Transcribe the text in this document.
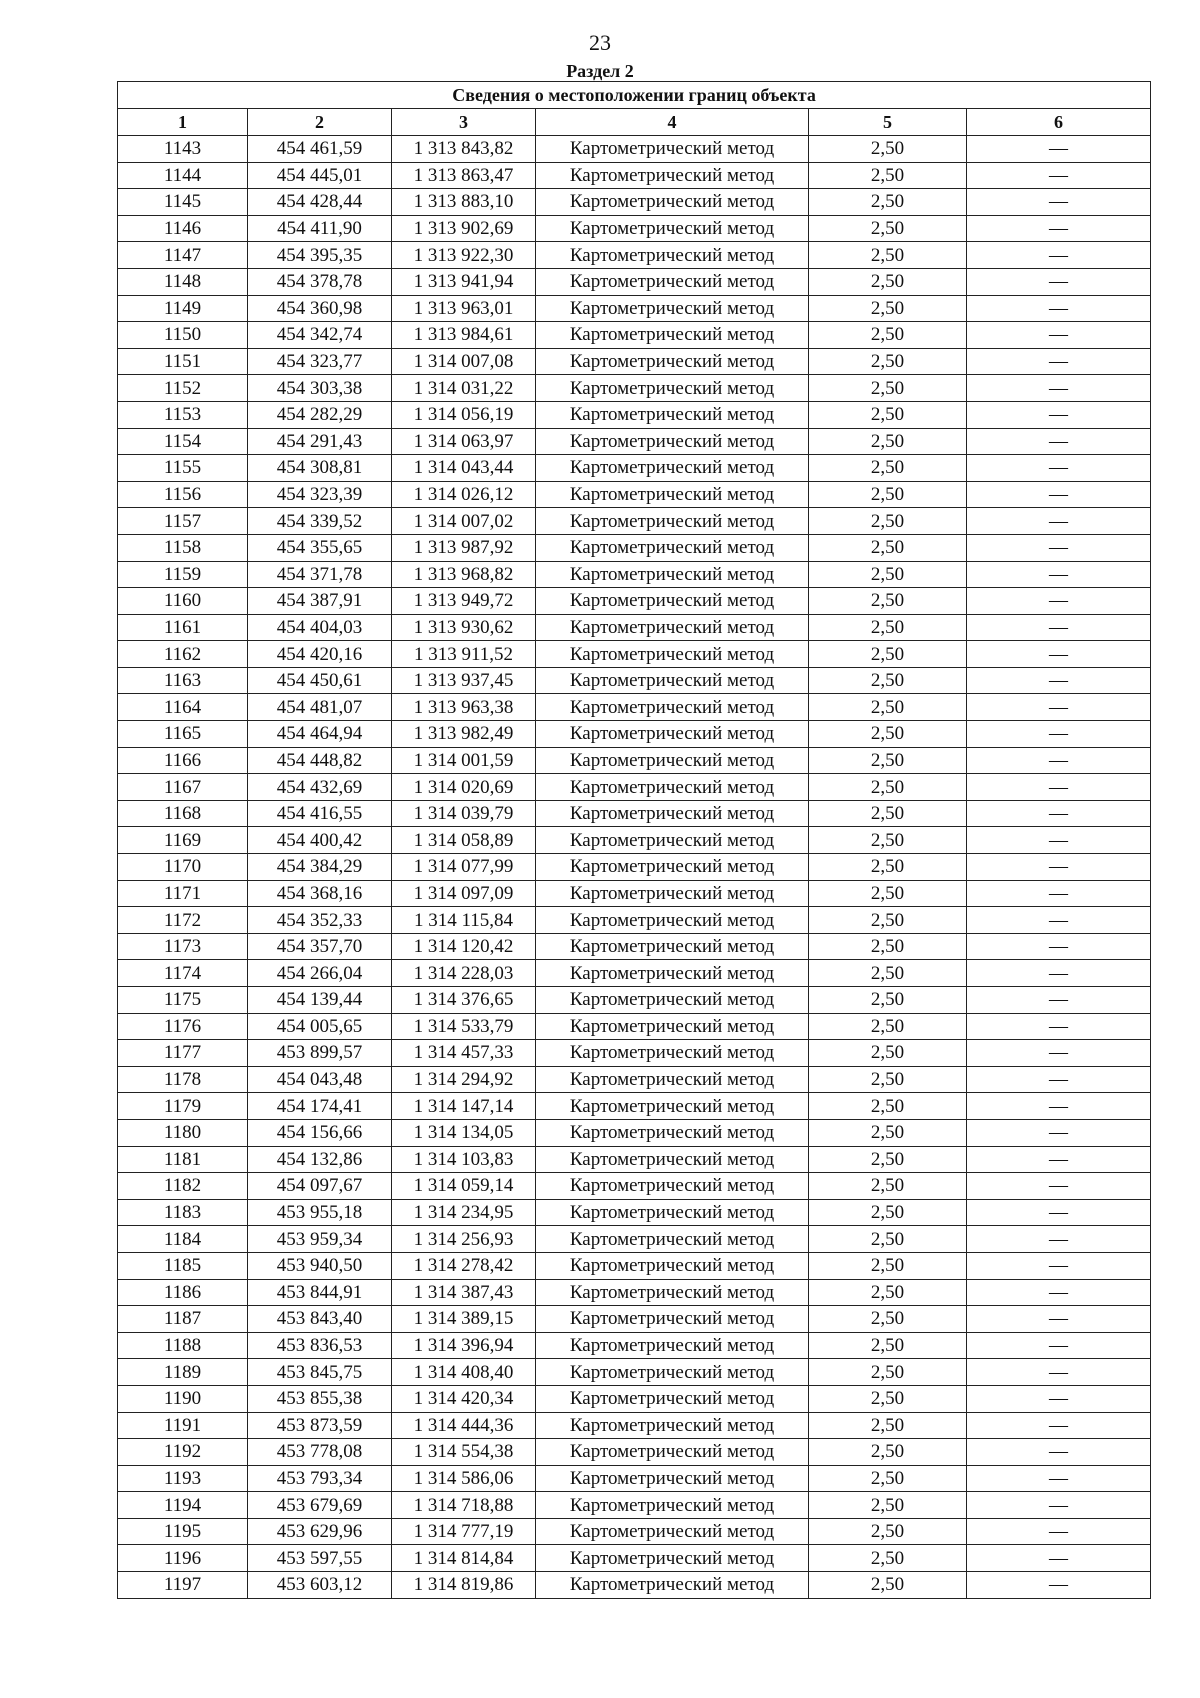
23
Раздел 2
Сведения о местоположении границ объекта					
1	2	3	4	5	6
1143	454 461,59	1 313 843,82	Картометрический метод	2,50	—
1144	454 445,01	1 313 863,47	Картометрический метод	2,50	—
1145	454 428,44	1 313 883,10	Картометрический метод	2,50	—
1146	454 411,90	1 313 902,69	Картометрический метод	2,50	—
1147	454 395,35	1 313 922,30	Картометрический метод	2,50	—
1148	454 378,78	1 313 941,94	Картометрический метод	2,50	—
1149	454 360,98	1 313 963,01	Картометрический метод	2,50	—
1150	454 342,74	1 313 984,61	Картометрический метод	2,50	—
1151	454 323,77	1 314 007,08	Картометрический метод	2,50	—
1152	454 303,38	1 314 031,22	Картометрический метод	2,50	—
1153	454 282,29	1 314 056,19	Картометрический метод	2,50	—
1154	454 291,43	1 314 063,97	Картометрический метод	2,50	—
1155	454 308,81	1 314 043,44	Картометрический метод	2,50	—
1156	454 323,39	1 314 026,12	Картометрический метод	2,50	—
1157	454 339,52	1 314 007,02	Картометрический метод	2,50	—
1158	454 355,65	1 313 987,92	Картометрический метод	2,50	—
1159	454 371,78	1 313 968,82	Картометрический метод	2,50	—
1160	454 387,91	1 313 949,72	Картометрический метод	2,50	—
1161	454 404,03	1 313 930,62	Картометрический метод	2,50	—
1162	454 420,16	1 313 911,52	Картометрический метод	2,50	—
1163	454 450,61	1 313 937,45	Картометрический метод	2,50	—
1164	454 481,07	1 313 963,38	Картометрический метод	2,50	—
1165	454 464,94	1 313 982,49	Картометрический метод	2,50	—
1166	454 448,82	1 314 001,59	Картометрический метод	2,50	—
1167	454 432,69	1 314 020,69	Картометрический метод	2,50	—
1168	454 416,55	1 314 039,79	Картометрический метод	2,50	—
1169	454 400,42	1 314 058,89	Картометрический метод	2,50	—
1170	454 384,29	1 314 077,99	Картометрический метод	2,50	—
1171	454 368,16	1 314 097,09	Картометрический метод	2,50	—
1172	454 352,33	1 314 115,84	Картометрический метод	2,50	—
1173	454 357,70	1 314 120,42	Картометрический метод	2,50	—
1174	454 266,04	1 314 228,03	Картометрический метод	2,50	—
1175	454 139,44	1 314 376,65	Картометрический метод	2,50	—
1176	454 005,65	1 314 533,79	Картометрический метод	2,50	—
1177	453 899,57	1 314 457,33	Картометрический метод	2,50	—
1178	454 043,48	1 314 294,92	Картометрический метод	2,50	—
1179	454 174,41	1 314 147,14	Картометрический метод	2,50	—
1180	454 156,66	1 314 134,05	Картометрический метод	2,50	—
1181	454 132,86	1 314 103,83	Картометрический метод	2,50	—
1182	454 097,67	1 314 059,14	Картометрический метод	2,50	—
1183	453 955,18	1 314 234,95	Картометрический метод	2,50	—
1184	453 959,34	1 314 256,93	Картометрический метод	2,50	—
1185	453 940,50	1 314 278,42	Картометрический метод	2,50	—
1186	453 844,91	1 314 387,43	Картометрический метод	2,50	—
1187	453 843,40	1 314 389,15	Картометрический метод	2,50	—
1188	453 836,53	1 314 396,94	Картометрический метод	2,50	—
1189	453 845,75	1 314 408,40	Картометрический метод	2,50	—
1190	453 855,38	1 314 420,34	Картометрический метод	2,50	—
1191	453 873,59	1 314 444,36	Картометрический метод	2,50	—
1192	453 778,08	1 314 554,38	Картометрический метод	2,50	—
1193	453 793,34	1 314 586,06	Картометрический метод	2,50	—
1194	453 679,69	1 314 718,88	Картометрический метод	2,50	—
1195	453 629,96	1 314 777,19	Картометрический метод	2,50	—
1196	453 597,55	1 314 814,84	Картометрический метод	2,50	—
1197	453 603,12	1 314 819,86	Картометрический метод	2,50	—
